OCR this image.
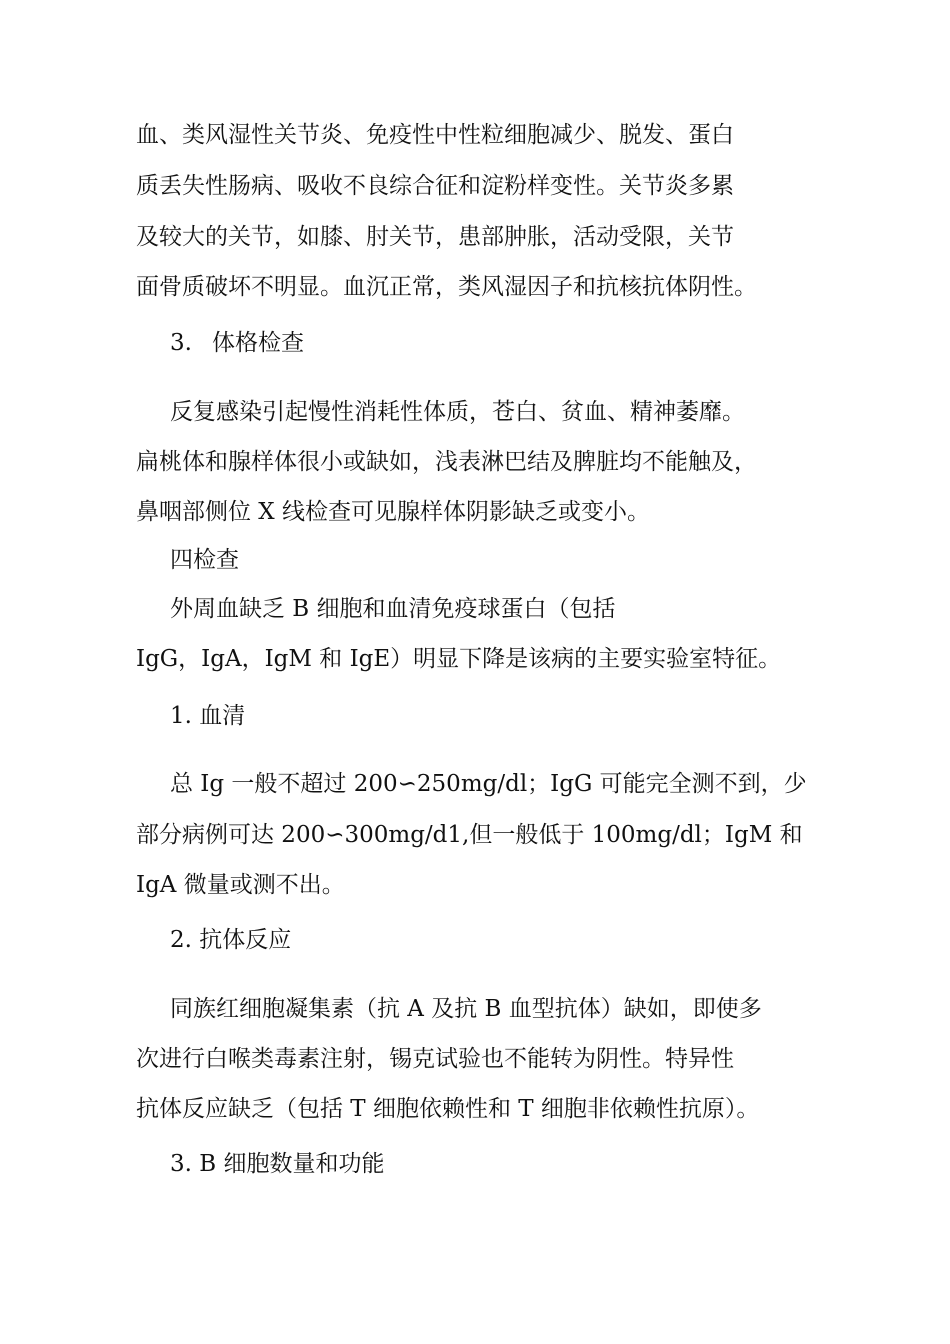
血、类风湿性关节炎、免疫性中性粒细胞减少、脱发、蛋白
质丢失性肠病、吸收不良综合征和淀粉样变性。关节炎多累
及较大的关节，如膝、肘关节，患部肿胀，活动受限，关节
面骨质破坏不明显。血沉正常，类风湿因子和抗核抗体阴性。
3. 体格检查
反复感染引起慢性消耗性体质，苍白、贫血、精神萎靡。
扁桃体和腺样体很小或缺如，浅表淋巴结及脾脏均不能触及，
鼻咽部侧位 X 线检查可见腺样体阴影缺乏或变小。
四检查
外周血缺乏 B 细胞和血清免疫球蛋白（包括
IgG，IgA，IgM 和 IgE）明显下降是该病的主要实验室特征。
1. 血清
总 Ig 一般不超过 200∽250mg/dl；IgG 可能完全测不到，少
部分病例可达 200∽300mg/d1,但一般低于 100mg/dl；IgM 和
IgA 微量或测不出。
2. 抗体反应
同族红细胞凝集素（抗 A 及抗 B 血型抗体）缺如，即使多
次进行白喉类毒素注射，锡克试验也不能转为阴性。特异性
抗体反应缺乏（包括 T 细胞依赖性和 T 细胞非依赖性抗原）。
3. B 细胞数量和功能
